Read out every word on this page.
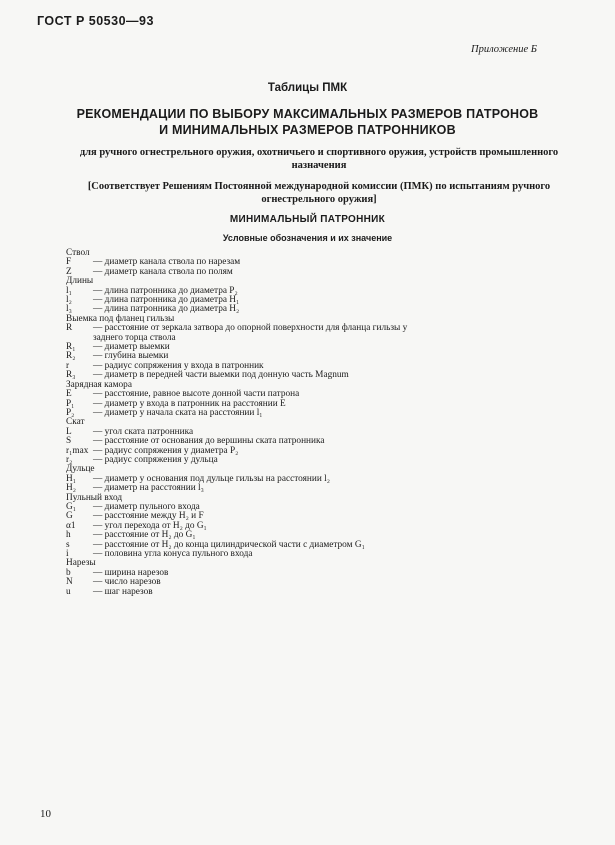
ГОСТ Р 50530—93
Приложение Б
Таблицы ПМК
РЕКОМЕНДАЦИИ ПО ВЫБОРУ МАКСИМАЛЬНЫХ РАЗМЕРОВ ПАТРОНОВ
И МИНИМАЛЬНЫХ РАЗМЕРОВ ПАТРОННИКОВ
для ручного огнестрельного оружия, охотничьего и спортивного оружия, устройств промышленного
назначения
[Соответствует Решениям Постоянной международной комиссии (ПМК) по испытаниям ручного
огнестрельного оружия]
МИНИМАЛЬНЫЙ ПАТРОННИК
Условные обозначения и их значение
Ствол
F	— диаметр канала ствола по нарезам
Z	— диаметр канала ствола по полям
Длины
l₁	— длина патронника до диаметра P₂
l₂	— длина патронника до диаметра H₁
l₃	— длина патронника до диаметра H₂
Выемка под фланец гильзы
R	— расстояние от зеркала затвора до опорной поверхности для фланца гильзы у
заднего торца ствола
R₁	— диаметр выемки
R₂	— глубина выемки
r	— радиус сопряжения у входа в патронник
R₃	— диаметр в передней части выемки под донную часть Magnum
Зарядная камора
E	— расстояние, равное высоте донной части патрона
P₁	— диаметр у входа в патронник на расстоянии E
P₂	— диаметр у начала ската на расстоянии l₁
Скат
L	— угол ската патронника
S	— расстояние от основания до вершины ската патронника
r₁max — радиус сопряжения у диаметра P₂
r₂	— радиус сопряжения у дульца
Дульце
H₁	— диаметр у основания под дульце гильзы на расстоянии l₂
H₂	— диаметр на расстоянии l₃
Пульный вход
G₁	— диаметр пульного входа
G	— расстояние между H₂ и F
α1	— угол перехода от H₂ до G₁
h	— расстояние от H₂ до G₁
s	— расстояние от H₂ до конца цилиндрической части с диаметром G₁
i	— половина угла конуса пульного входа
Нарезы
b	— ширина нарезов
N	— число нарезов
u	— шаг нарезов
10
